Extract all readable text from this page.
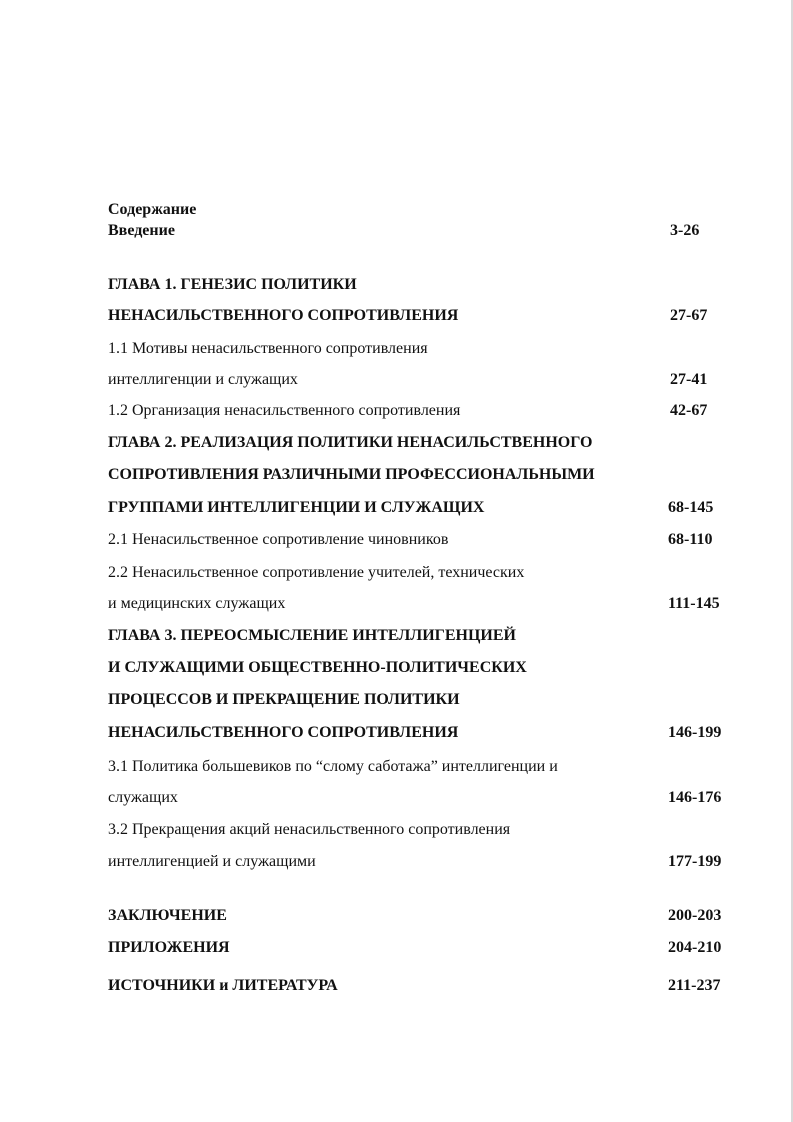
Содержание
Введение	3-26
ГЛАВА 1. ГЕНЕЗИС ПОЛИТИКИ
НЕНАСИЛЬСТВЕННОГО СОПРОТИВЛЕНИЯ	27-67
1.1 Мотивы ненасильственного сопротивления
интеллигенции и служащих	27-41
1.2 Организация ненасильственного сопротивления	42-67
ГЛАВА 2. РЕАЛИЗАЦИЯ ПОЛИТИКИ НЕНАСИЛЬСТВЕННОГО
СОПРОТИВЛЕНИЯ РАЗЛИЧНЫМИ ПРОФЕССИОНАЛЬНЫМИ
ГРУППАМИ ИНТЕЛЛИГЕНЦИИ И СЛУЖАЩИХ	68-145
2.1 Ненасильственное сопротивление чиновников	68-110
2.2 Ненасильственное сопротивление учителей, технических
и медицинских служащих	111-145
ГЛАВА 3. ПЕРЕОСМЫСЛЕНИЕ ИНТЕЛЛИГЕНЦИЕЙ
И СЛУЖАЩИМИ ОБЩЕСТВЕННО-ПОЛИТИЧЕСКИХ
ПРОЦЕССОВ И ПРЕКРАЩЕНИЕ ПОЛИТИКИ
НЕНАСИЛЬСТВЕННОГО СОПРОТИВЛЕНИЯ	146-199
3.1 Политика большевиков по “слому саботажа” интеллигенции и
служащих	146-176
3.2 Прекращения акций ненасильственного сопротивления
интеллигенцией и служащими	177-199
ЗАКЛЮЧЕНИЕ	200-203
ПРИЛОЖЕНИЯ	204-210
ИСТОЧНИКИ и ЛИТЕРАТУРА	211-237
